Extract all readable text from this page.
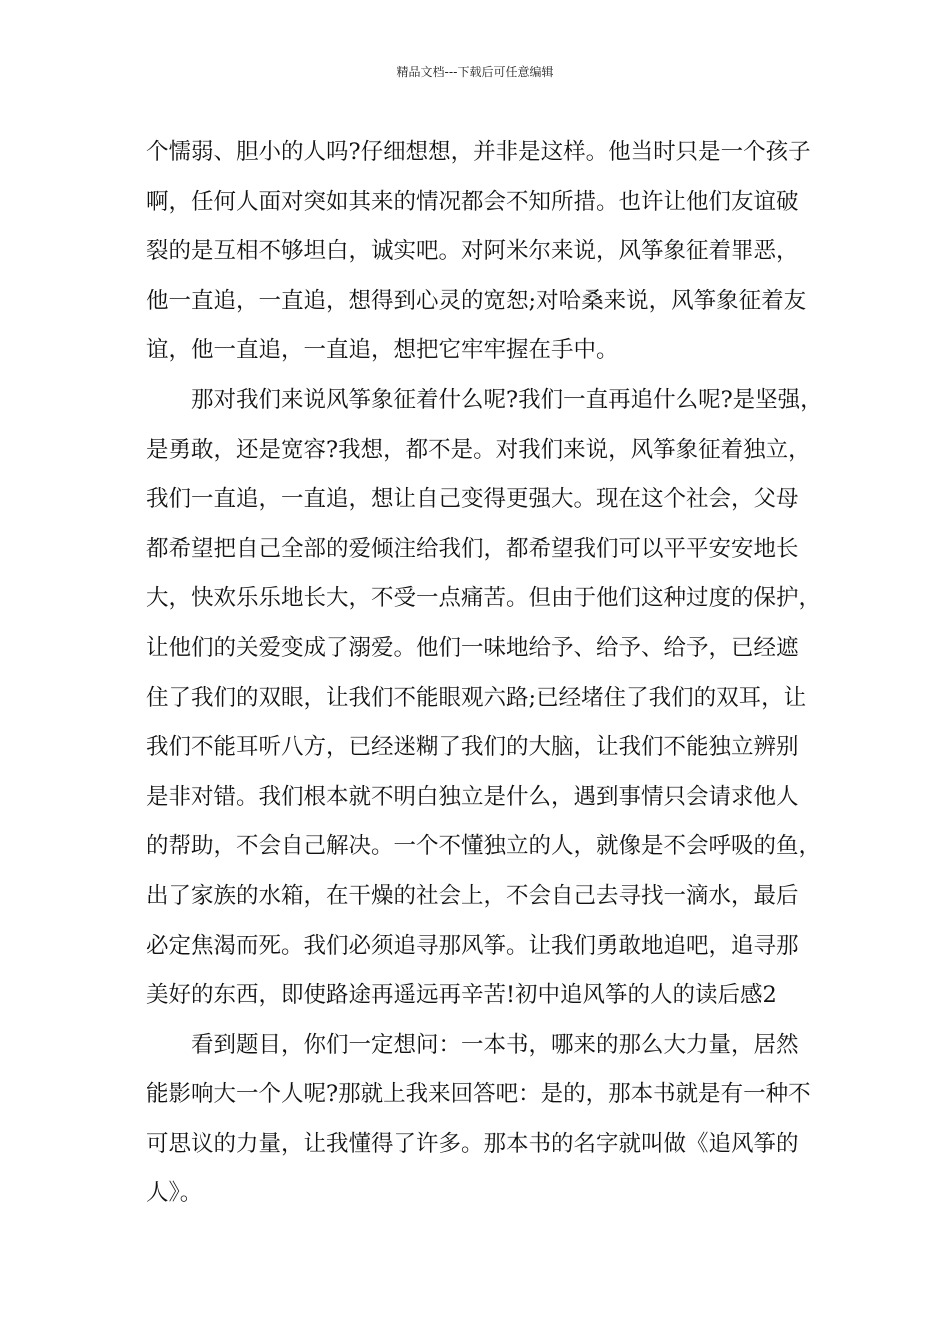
精品文档---下载后可任意编辑
个懦弱、胆小的人吗?仔细想想，并非是这样。他当时只是一个孩子
啊，任何人面对突如其来的情况都会不知所措。也许让他们友谊破
裂的是互相不够坦白，诚实吧。对阿米尔来说，风筝象征着罪恶，
他一直追，一直追，想得到心灵的宽恕;对哈桑来说，风筝象征着友
谊，他一直追，一直追，想把它牢牢握在手中。
　　那对我们来说风筝象征着什么呢?我们一直再追什么呢?是坚强，
是勇敢，还是宽容?我想，都不是。对我们来说，风筝象征着独立，
我们一直追，一直追，想让自己变得更强大。现在这个社会，父母
都希望把自己全部的爱倾注给我们，都希望我们可以平平安安地长
大，快欢乐乐地长大，不受一点痛苦。但由于他们这种过度的保护，
让他们的关爱变成了溺爱。他们一味地给予、给予、给予，已经遮
住了我们的双眼，让我们不能眼观六路;已经堵住了我们的双耳，让
我们不能耳听八方，已经迷糊了我们的大脑，让我们不能独立辨别
是非对错。我们根本就不明白独立是什么，遇到事情只会请求他人
的帮助，不会自己解决。一个不懂独立的人，就像是不会呼吸的鱼，
出了家族的水箱，在干燥的社会上，不会自己去寻找一滴水，最后
必定焦渴而死。我们必须追寻那风筝。让我们勇敢地追吧，追寻那
美好的东西，即使路途再遥远再辛苦!初中追风筝的人的读后感2
　　看到题目，你们一定想问：一本书，哪来的那么大力量，居然
能影响大一个人呢?那就上我来回答吧：是的，那本书就是有一种不
可思议的力量，让我懂得了许多。那本书的名字就叫做《追风筝的
人》。
